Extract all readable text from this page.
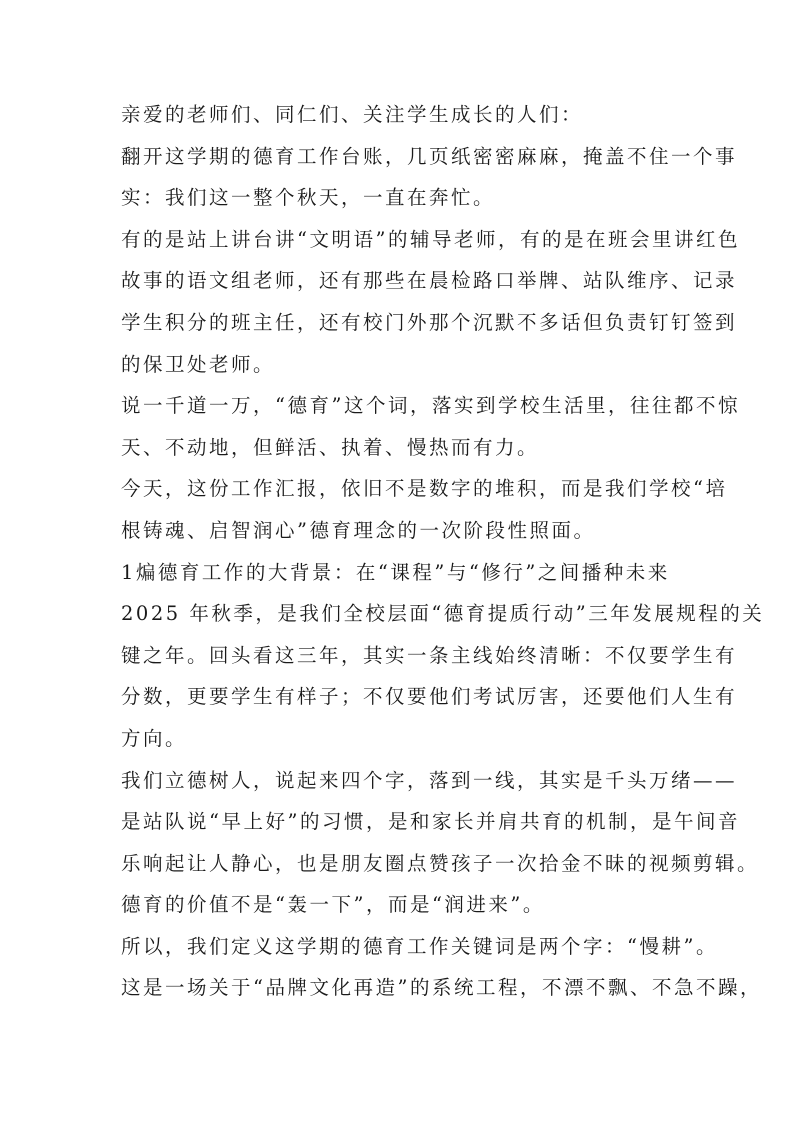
亲爱的老师们、同仁们、关注学生成长的人们：

翻开这学期的德育工作台账，几页纸密密麻麻，掩盖不住一个事
实：我们这一整个秋天，一直在奔忙。

有的是站上讲台讲“文明语”的辅导老师，有的是在班会里讲红色
故事的语文组老师，还有那些在晨检路口举牌、站队维序、记录
学生积分的班主任，还有校门外那个沉默不多话但负责钉钉签到
的保卫处老师。

说一千道一万，“德育”这个词，落实到学校生活里，往往都不惊
天、不动地，但鲜活、执着、慢热而有力。

今天，这份工作汇报，依旧不是数字的堆积，而是我们学校“培
根铸魂、启智润心”德育理念的一次阶段性照面。

1煸德育工作的大背景：在“课程”与“修行”之间播种未来

2025 年秋季，是我们全校层面“德育提质行动”三年发展规程的关
键之年。回头看这三年，其实一条主线始终清晰：不仅要学生有
分数，更要学生有样子；不仅要他们考试厉害，还要他们人生有
方向。

我们立德树人，说起来四个字，落到一线，其实是千头万绪——
是站队说“早上好”的习惯，是和家长并肩共育的机制，是午间音
乐响起让人静心，也是朋友圈点赞孩子一次拾金不昧的视频剪辑。

德育的价值不是“轰一下”，而是“润进来”。

所以，我们定义这学期的德育工作关键词是两个字：“慢耕”。

这是一场关于“品牌文化再造”的系统工程，不漂不飘、不急不躁，
